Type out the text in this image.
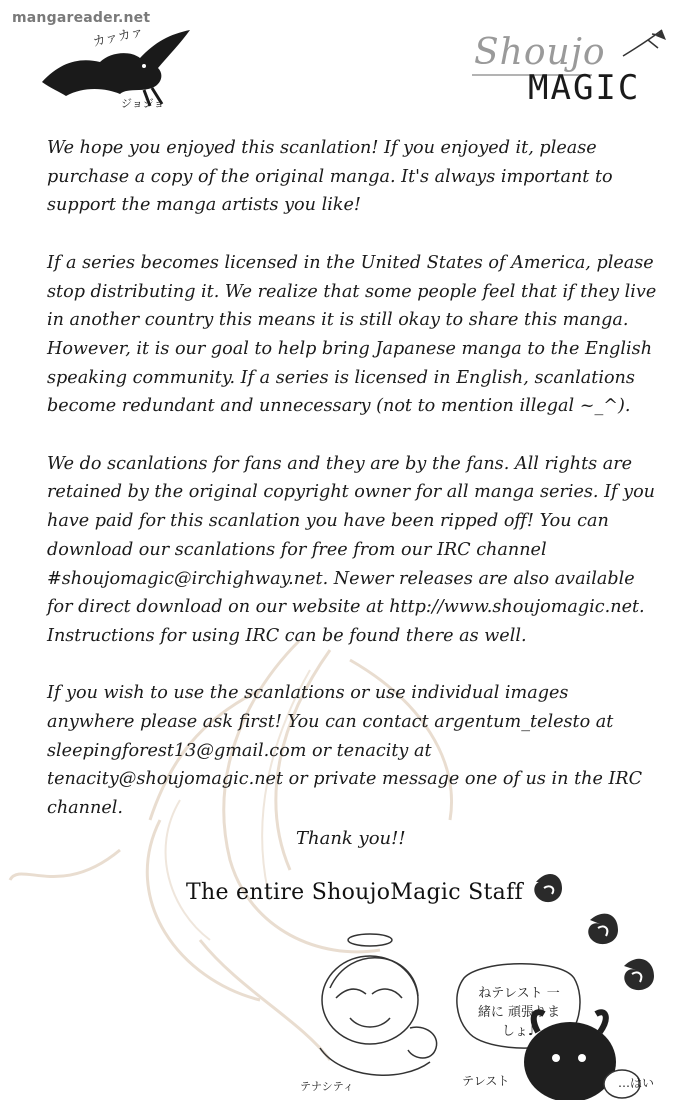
mangareader.net
カァカァ
ジョジョ
Shoujo
MAGIC

We hope you enjoyed this scanlation! If you enjoyed it, please purchase a copy of the original manga. It's always important to support the manga artists you like!

If a series becomes licensed in the United States of America, please stop distributing it. We realize that some people feel that if they live in another country this means it is still okay to share this manga. However, it is our goal to help bring Japanese manga to the English speaking community. If a series is licensed in English, scanlations become redundant and unnecessary (not to mention illegal ~_^).

We do scanlations for fans and they are by the fans. All rights are retained by the original copyright owner for all manga series. If you have paid for this scanlation you have been ripped off! You can download our scanlations for free from our IRC channel #shoujomagic@irchighway.net. Newer releases are also available for direct download on our website at http://www.shoujomagic.net. Instructions for using IRC can be found there as well.

If you wish to use the scanlations or use individual images anywhere please ask first! You can contact argentum_telesto at sleepingforest13@gmail.com or tenacity at tenacity@shoujomagic.net or private message one of us in the IRC channel.

Thank you!!
The entire ShoujoMagic Staff
ねテレスト 一緒に 頑張りましょ♪
テナシティ	テレスト	…はい
